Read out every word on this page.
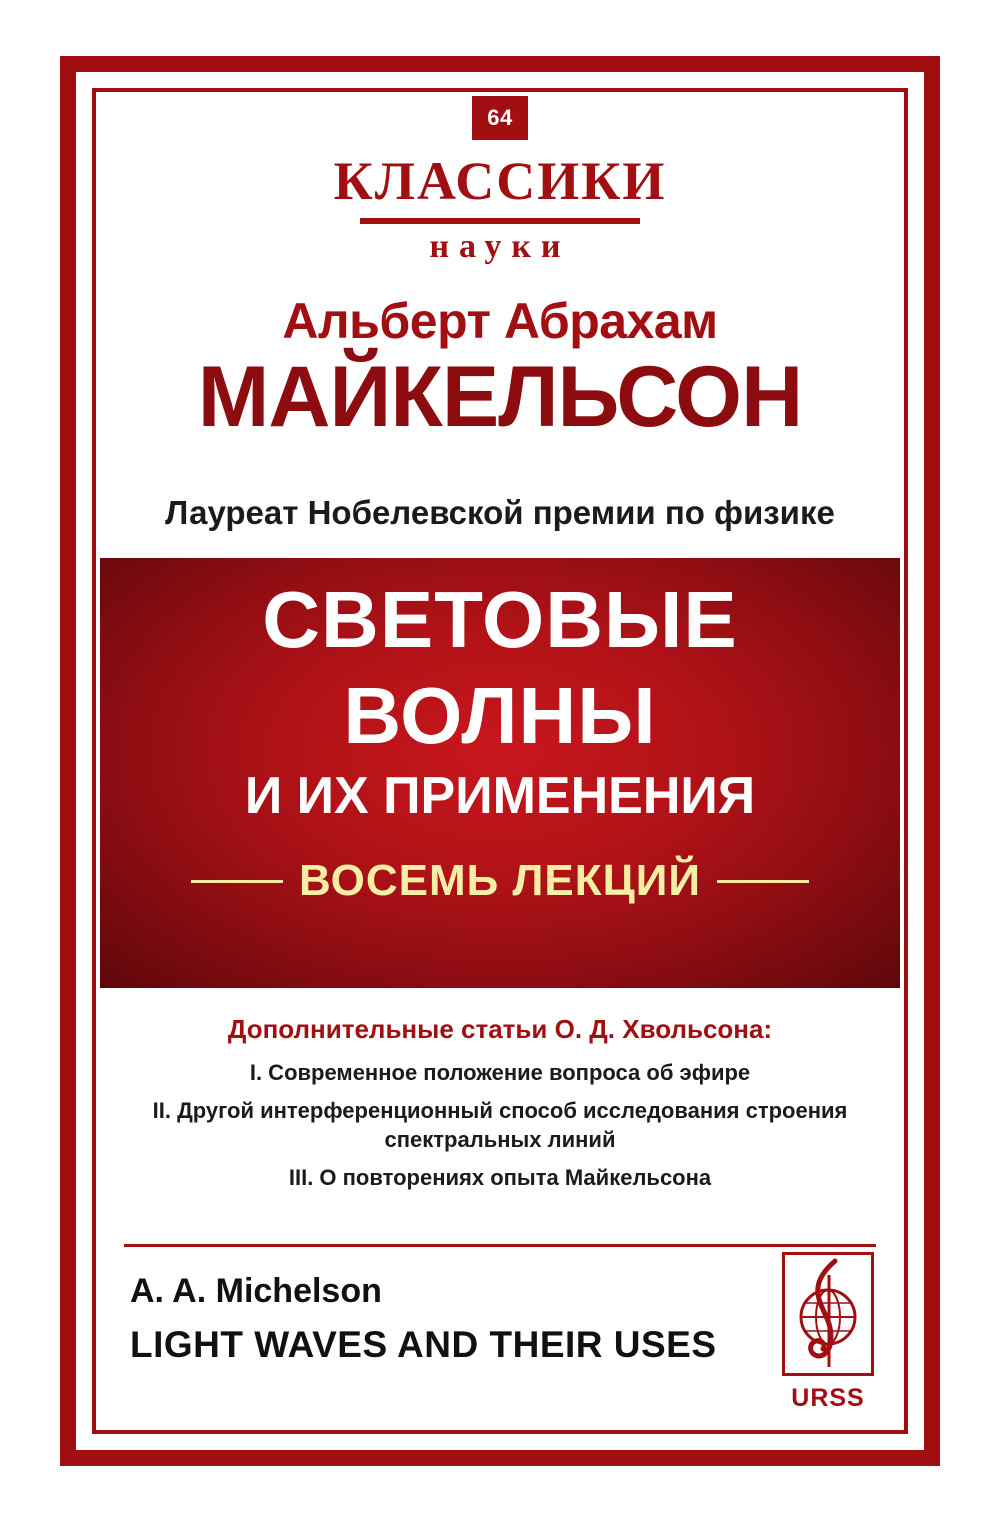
64
КЛАССИКИ
науки
Альберт Абрахам
МАЙКЕЛЬСОН
Лауреат Нобелевской премии по физике
СВЕТОВЫЕ
ВОЛНЫ
И ИХ ПРИМЕНЕНИЯ
ВОСЕМЬ ЛЕКЦИЙ
Дополнительные статьи О. Д. Хвольсона:
I. Современное положение вопроса об эфире
II. Другой интерференционный способ исследования строения спектральных линий
III. О повторениях опыта Майкельсона
A. A. Michelson
LIGHT WAVES AND THEIR USES
URSS
